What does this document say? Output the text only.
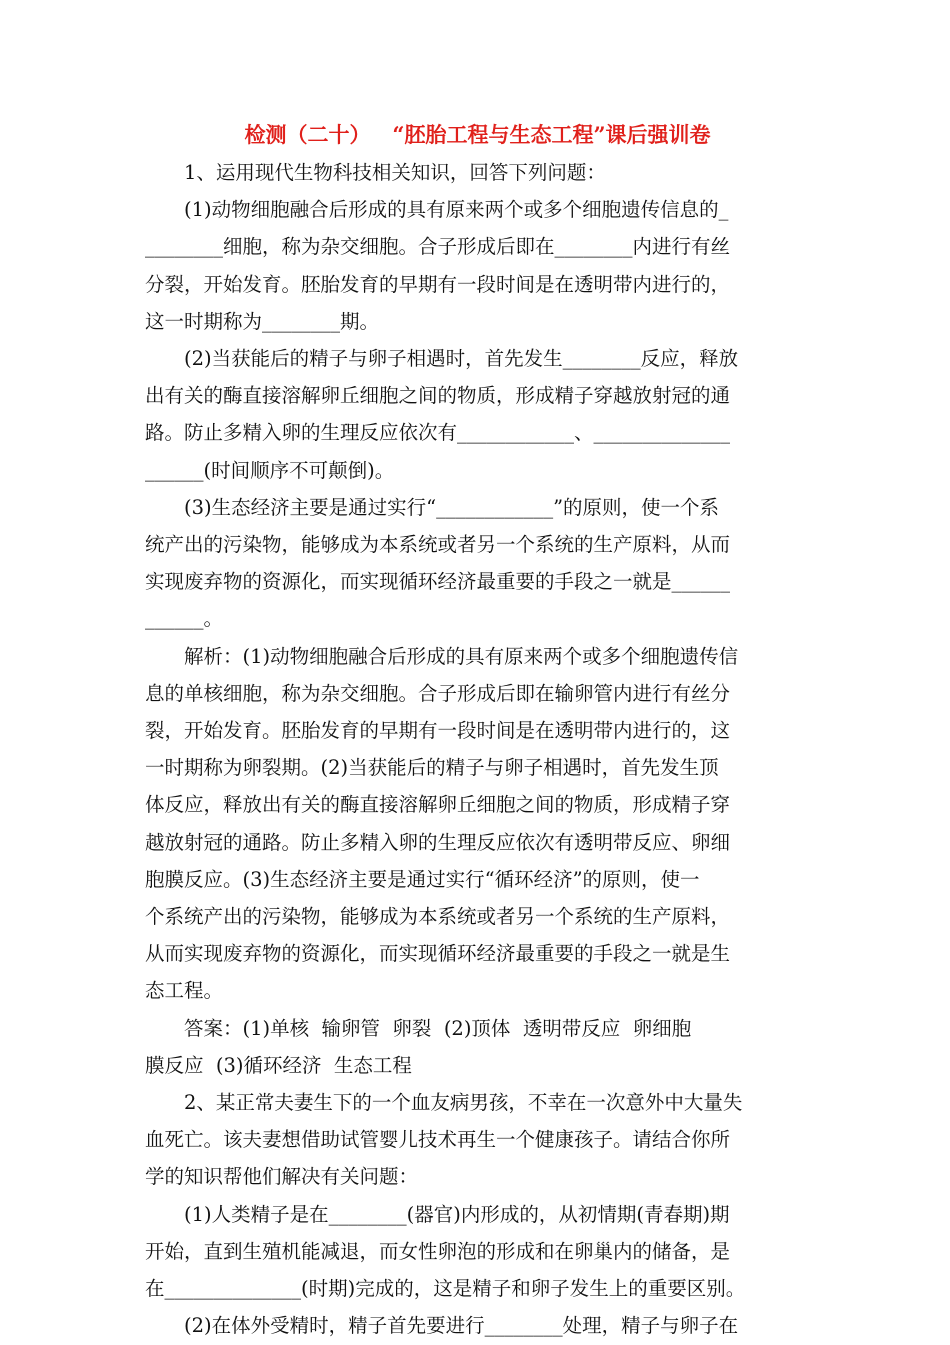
检测（二十）   “胚胎工程与生态工程”课后强训卷
1、运用现代生物科技相关知识，回答下列问题：
(1)动物细胞融合后形成的具有原来两个或多个细胞遗传信息的_
________细胞，称为杂交细胞。合子形成后即在________内进行有丝
分裂，开始发育。胚胎发育的早期有一段时间是在透明带内进行的，
这一时期称为________期。
(2)当获能后的精子与卵子相遇时，首先发生________反应，释放
出有关的酶直接溶解卵丘细胞之间的物质，形成精子穿越放射冠的通
路。防止多精入卵的生理反应依次有____________、______________
______(时间顺序不可颠倒)。
(3)生态经济主要是通过实行“____________”的原则，使一个系
统产出的污染物，能够成为本系统或者另一个系统的生产原料，从而
实现废弃物的资源化，而实现循环经济最重要的手段之一就是______
______。
解析：(1)动物细胞融合后形成的具有原来两个或多个细胞遗传信
息的单核细胞，称为杂交细胞。合子形成后即在输卵管内进行有丝分
裂，开始发育。胚胎发育的早期有一段时间是在透明带内进行的，这
一时期称为卵裂期。(2)当获能后的精子与卵子相遇时，首先发生顶
体反应，释放出有关的酶直接溶解卵丘细胞之间的物质，形成精子穿
越放射冠的通路。防止多精入卵的生理反应依次有透明带反应、卵细
胞膜反应。(3)生态经济主要是通过实行“循环经济”的原则，使一
个系统产出的污染物，能够成为本系统或者另一个系统的生产原料，
从而实现废弃物的资源化，而实现循环经济最重要的手段之一就是生
态工程。
答案：(1)单核  输卵管  卵裂  (2)顶体  透明带反应  卵细胞
膜反应  (3)循环经济  生态工程
2、某正常夫妻生下的一个血友病男孩，不幸在一次意外中大量失
血死亡。该夫妻想借助试管婴儿技术再生一个健康孩子。请结合你所
学的知识帮他们解决有关问题：
(1)人类精子是在________(器官)内形成的，从初情期(青春期)期
开始，直到生殖机能减退，而女性卵泡的形成和在卵巢内的储备，是
在______________(时期)完成的，这是精子和卵子发生上的重要区别。
(2)在体外受精时，精子首先要进行________处理，精子与卵子在
